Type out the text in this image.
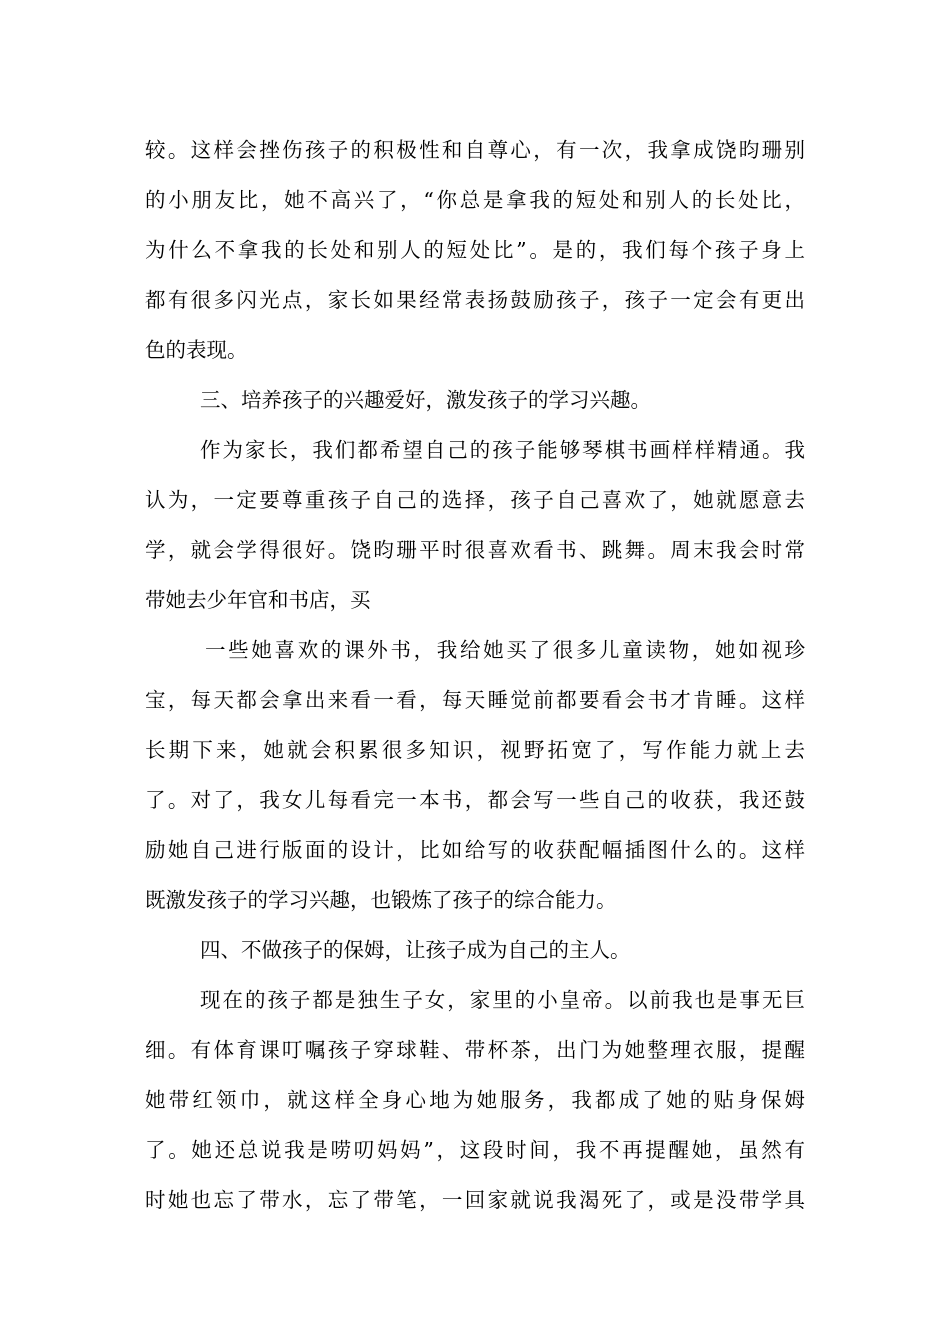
较。这样会挫伤孩子的积极性和自尊心，有一次，我拿成饶昀珊别
的小朋友比，她不高兴了，“你总是拿我的短处和别人的长处比，
为什么不拿我的长处和别人的短处比”。是的，我们每个孩子身上
都有很多闪光点，家长如果经常表扬鼓励孩子，孩子一定会有更出
色的表现。
三、培养孩子的兴趣爱好，激发孩子的学习兴趣。
作为家长，我们都希望自己的孩子能够琴棋书画样样精通。我
认为，一定要尊重孩子自己的选择，孩子自己喜欢了，她就愿意去
学，就会学得很好。饶昀珊平时很喜欢看书、跳舞。周末我会时常
带她去少年官和书店，买
一些她喜欢的课外书，我给她买了很多儿童读物，她如视珍
宝，每天都会拿出来看一看，每天睡觉前都要看会书才肯睡。这样
长期下来，她就会积累很多知识，视野拓宽了，写作能力就上去
了。对了，我女儿每看完一本书，都会写一些自己的收获，我还鼓
励她自己进行版面的设计，比如给写的收获配幅插图什么的。这样
既激发孩子的学习兴趣，也锻炼了孩子的综合能力。
四、不做孩子的保姆，让孩子成为自己的主人。
现在的孩子都是独生子女，家里的小皇帝。以前我也是事无巨
细。有体育课叮嘱孩子穿球鞋、带杯茶，出门为她整理衣服，提醒
她带红领巾，就这样全身心地为她服务，我都成了她的贴身保姆
了。她还总说我是唠叨妈妈”，这段时间，我不再提醒她，虽然有
时她也忘了带水，忘了带笔，一回家就说我渴死了，或是没带学具
